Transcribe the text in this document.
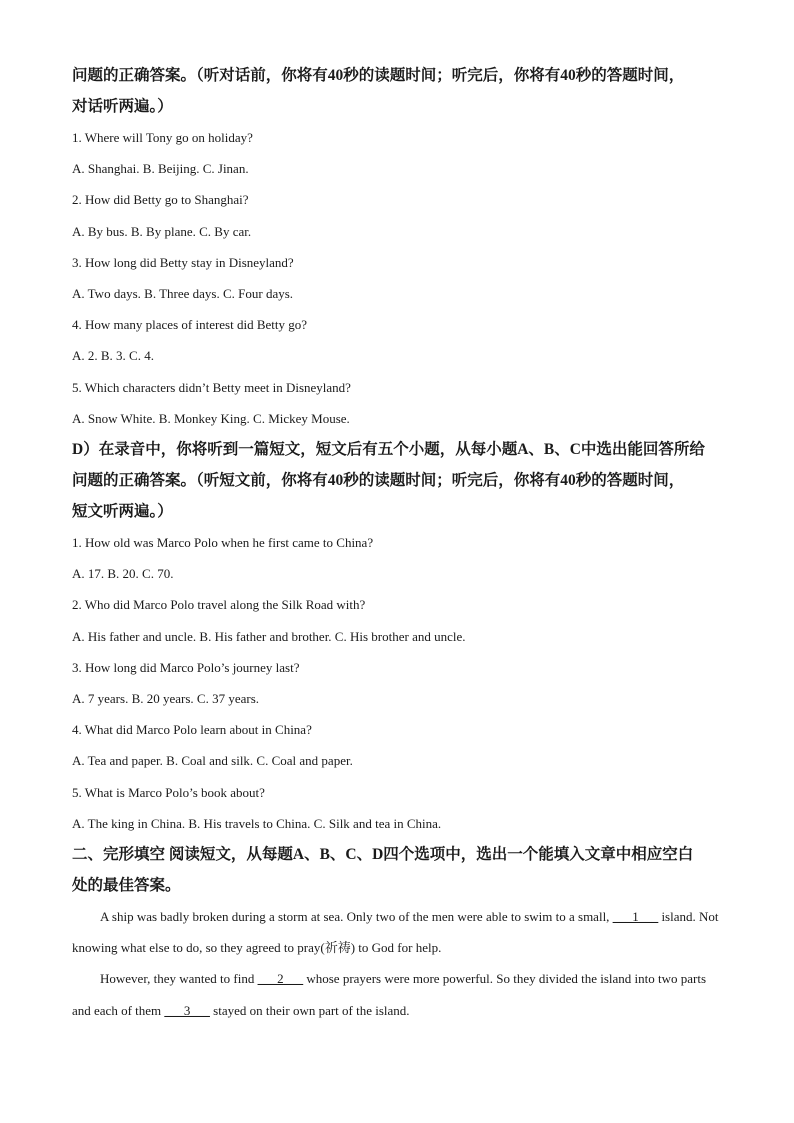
问题的正确答案。（听对话前，你将有40秒的读题时间；听完后，你将有40秒的答题时间，

对话听两遍。）

1. Where will Tony go on holiday?

A. Shanghai. B. Beijing. C. Jinan.

2. How did Betty go to Shanghai?

A. By bus. B. By plane. C. By car.

3. How long did Betty stay in Disneyland?

A. Two days. B. Three days. C. Four days.

4. How many places of interest did Betty go?

A. 2. B. 3. C. 4.

5. Which characters didn’t Betty meet in Disneyland?

A. Snow White. B. Monkey King. C. Mickey Mouse.

D）在录音中，你将听到一篇短文，短文后有五个小题，从每小题A、B、C中选出能回答所给

问题的正确答案。（听短文前，你将有40秒的读题时间；听完后，你将有40秒的答题时间，

短文听两遍。）

1. How old was Marco Polo when he first came to China?

A. 17. B. 20. C. 70.

2. Who did Marco Polo travel along the Silk Road with?

A. His father and uncle. B. His father and brother. C. His brother and uncle.

3. How long did Marco Polo’s journey last?

A. 7 years. B. 20 years. C. 37 years.

4. What did Marco Polo learn about in China?

A. Tea and paper. B. Coal and silk. C. Coal and paper.

5. What is Marco Polo’s book about?

A. The king in China. B. His travels to China. C. Silk and tea in China.

二、完形填空 阅读短文，从每题A、B、C、D四个选项中，选出一个能填入文章中相应空白

处的最佳答案。

A ship was badly broken during a storm at sea. Only two of the men were able to swim to a small, ___1___ island. Not knowing what else to do, so they agreed to pray(祈祷) to God for help.

However, they wanted to find ___2___ whose prayers were more powerful. So they divided the island into two parts and each of them ___3___ stayed on their own part of the island.
